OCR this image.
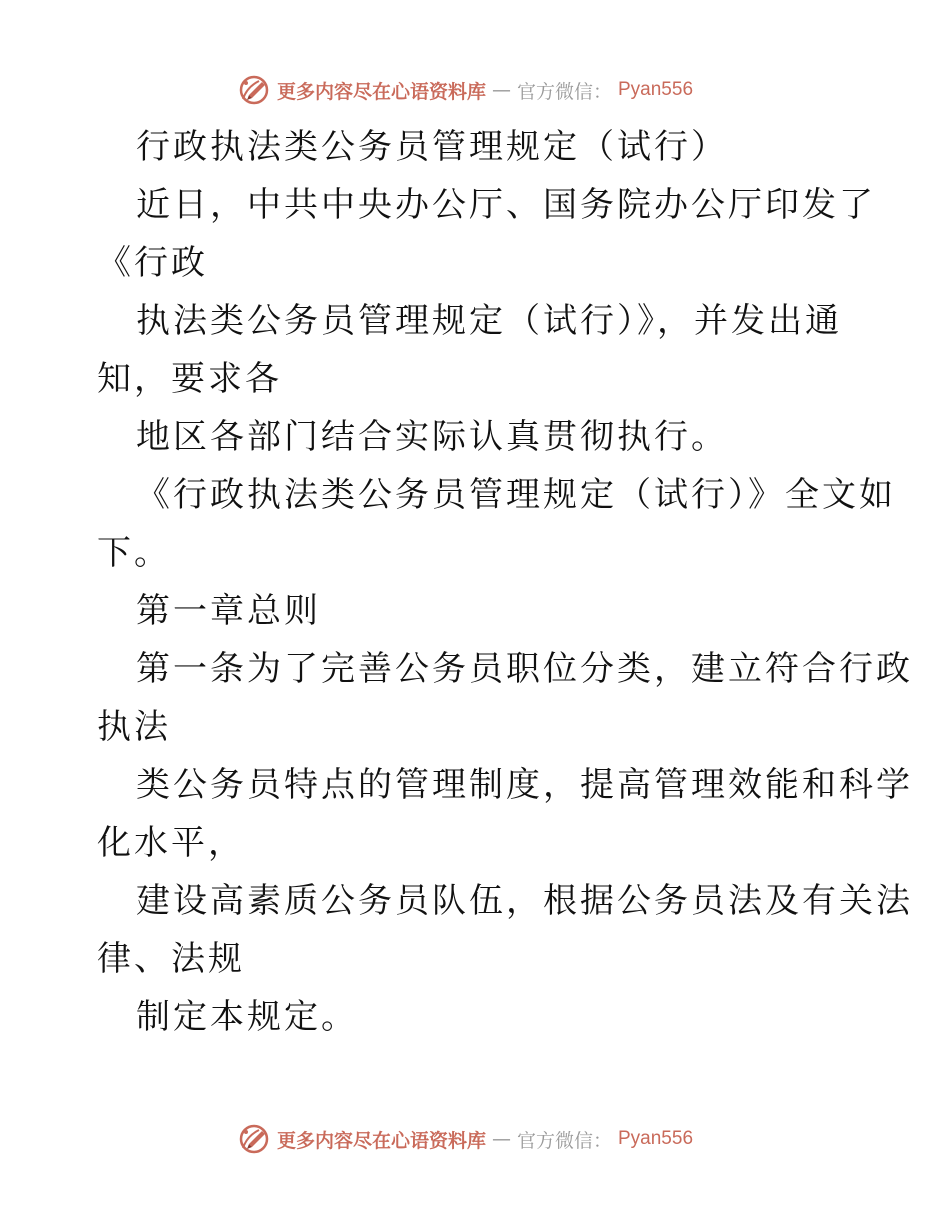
更多内容尽在心语资料库 — 官方微信： Pyan556
行政执法类公务员管理规定（试行）
近日，中共中央办公厅、国务院办公厅印发了
《行政
执法类公务员管理规定（试行）》，并发出通
知，要求各
地区各部门结合实际认真贯彻执行。
《行政执法类公务员管理规定（试行）》全文如
下。
第一章总则
第一条为了完善公务员职位分类，建立符合行政
执法
类公务员特点的管理制度，提高管理效能和科学
化水平，
建设高素质公务员队伍，根据公务员法及有关法
律、法规
制定本规定。
更多内容尽在心语资料库 — 官方微信： Pyan556
